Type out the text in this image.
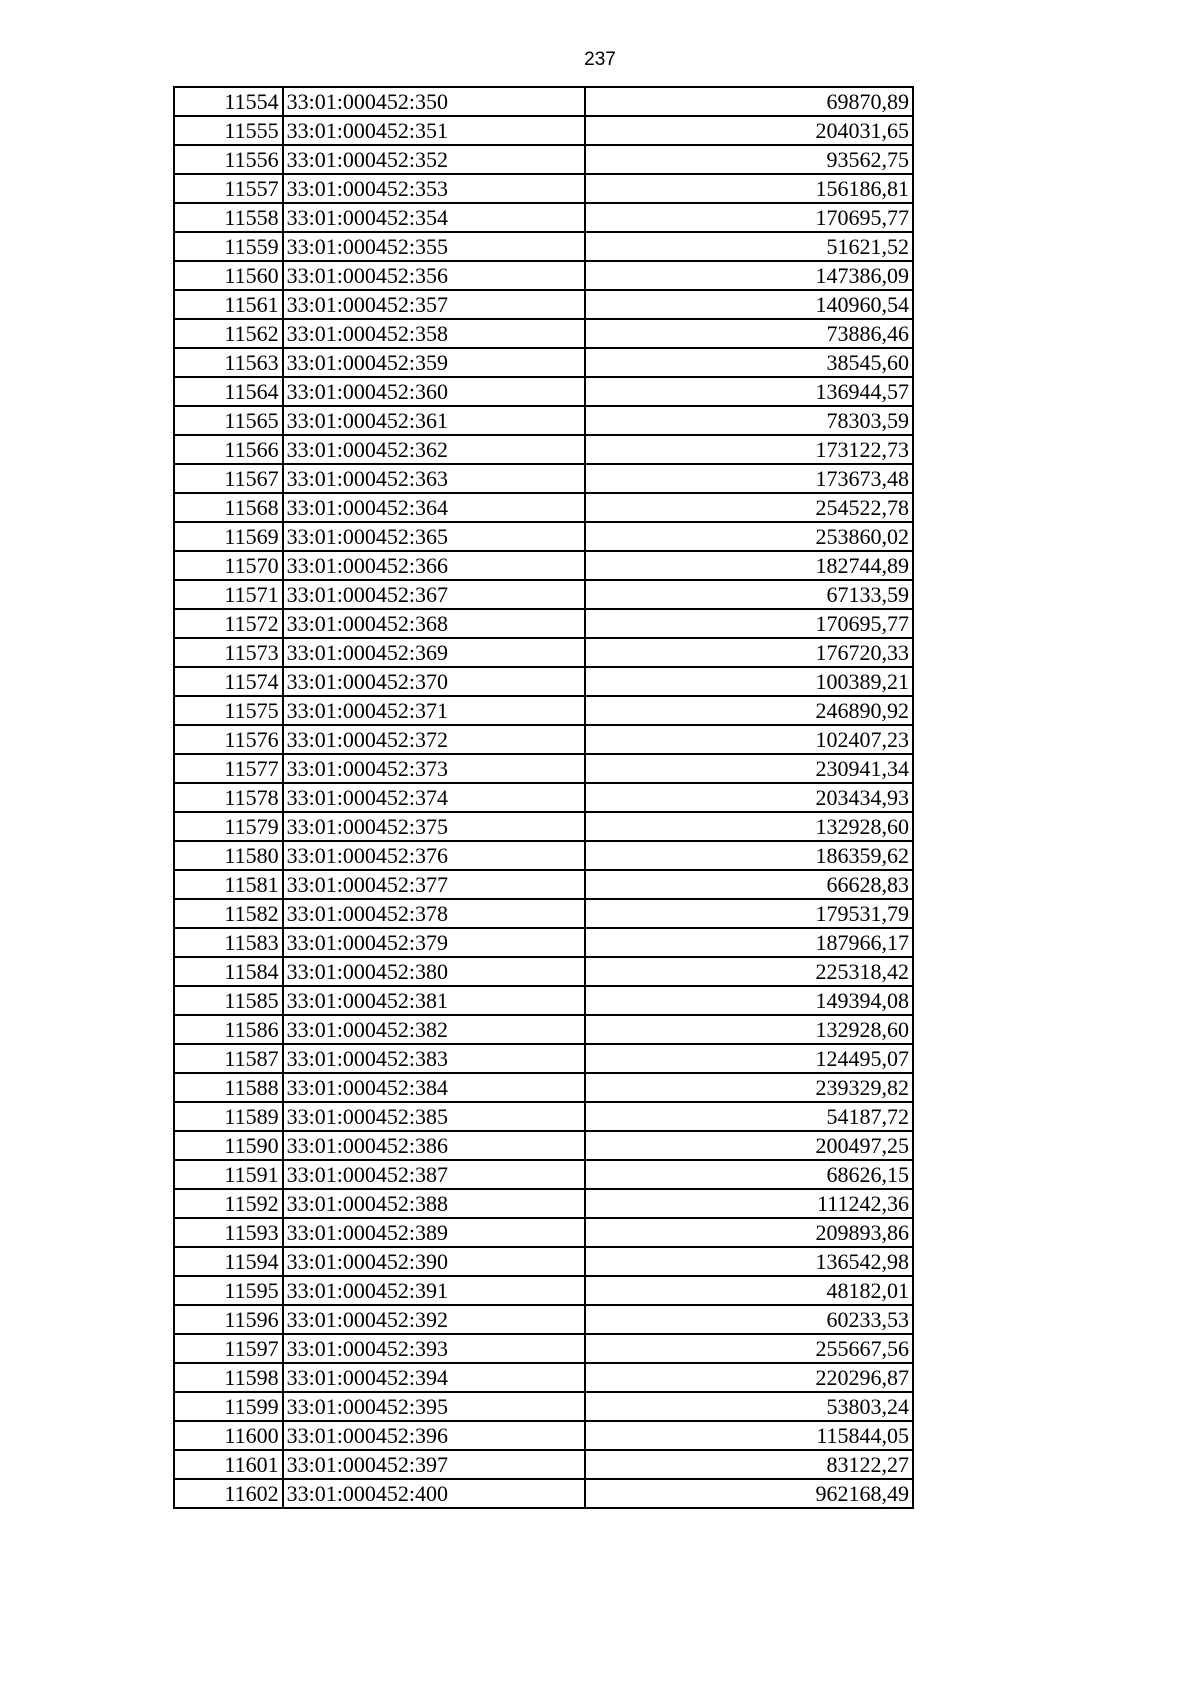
237
11554	33:01:000452:350	69870,89
11555	33:01:000452:351	204031,65
11556	33:01:000452:352	93562,75
11557	33:01:000452:353	156186,81
11558	33:01:000452:354	170695,77
11559	33:01:000452:355	51621,52
11560	33:01:000452:356	147386,09
11561	33:01:000452:357	140960,54
11562	33:01:000452:358	73886,46
11563	33:01:000452:359	38545,60
11564	33:01:000452:360	136944,57
11565	33:01:000452:361	78303,59
11566	33:01:000452:362	173122,73
11567	33:01:000452:363	173673,48
11568	33:01:000452:364	254522,78
11569	33:01:000452:365	253860,02
11570	33:01:000452:366	182744,89
11571	33:01:000452:367	67133,59
11572	33:01:000452:368	170695,77
11573	33:01:000452:369	176720,33
11574	33:01:000452:370	100389,21
11575	33:01:000452:371	246890,92
11576	33:01:000452:372	102407,23
11577	33:01:000452:373	230941,34
11578	33:01:000452:374	203434,93
11579	33:01:000452:375	132928,60
11580	33:01:000452:376	186359,62
11581	33:01:000452:377	66628,83
11582	33:01:000452:378	179531,79
11583	33:01:000452:379	187966,17
11584	33:01:000452:380	225318,42
11585	33:01:000452:381	149394,08
11586	33:01:000452:382	132928,60
11587	33:01:000452:383	124495,07
11588	33:01:000452:384	239329,82
11589	33:01:000452:385	54187,72
11590	33:01:000452:386	200497,25
11591	33:01:000452:387	68626,15
11592	33:01:000452:388	111242,36
11593	33:01:000452:389	209893,86
11594	33:01:000452:390	136542,98
11595	33:01:000452:391	48182,01
11596	33:01:000452:392	60233,53
11597	33:01:000452:393	255667,56
11598	33:01:000452:394	220296,87
11599	33:01:000452:395	53803,24
11600	33:01:000452:396	115844,05
11601	33:01:000452:397	83122,27
11602	33:01:000452:400	962168,49
